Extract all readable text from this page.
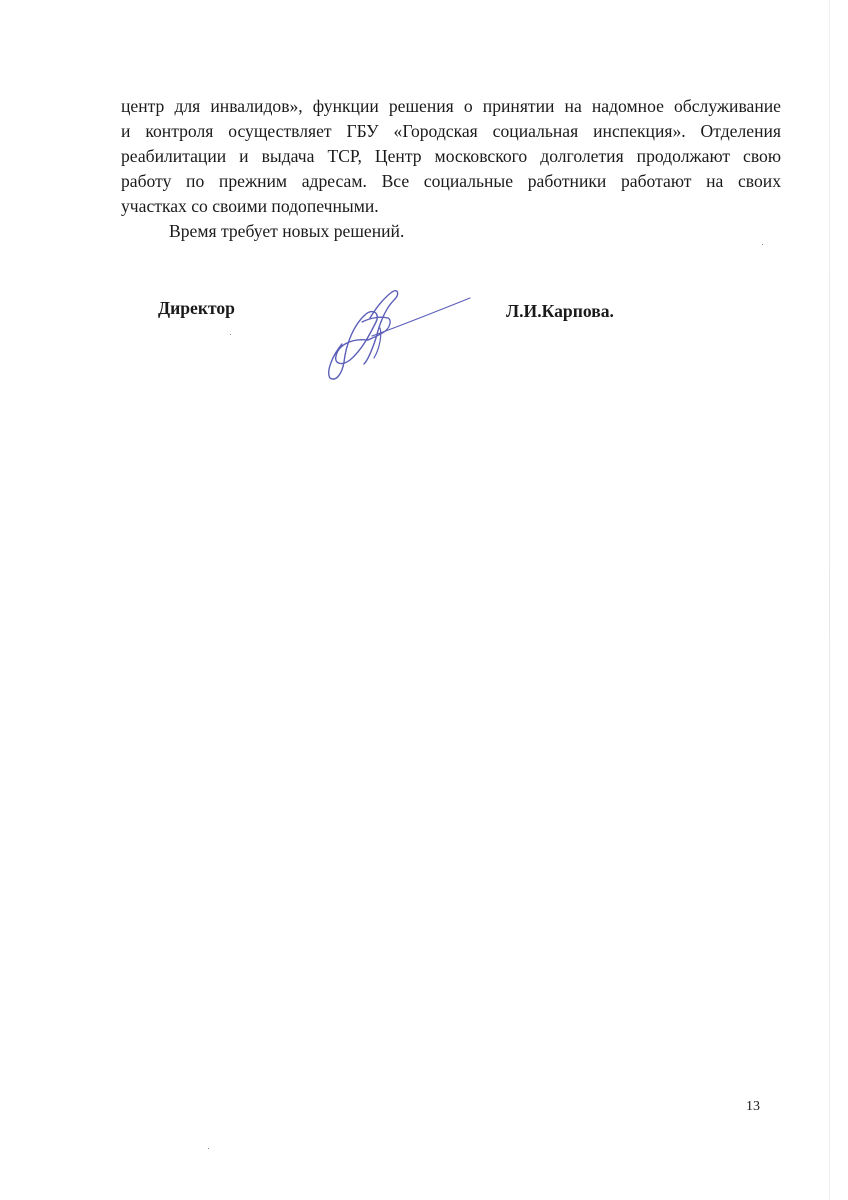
центр для инвалидов», функции решения о принятии на надомное обслуживание
и контроля осуществляет ГБУ «Городская социальная инспекция». Отделения
реабилитации и выдача ТСР, Центр московского долголетия продолжают свою
работу по прежним адресам. Все социальные работники работают на своих
участках со своими подопечными.
Время требует новых решений.
Директор	Л.И.Карпова.
13
